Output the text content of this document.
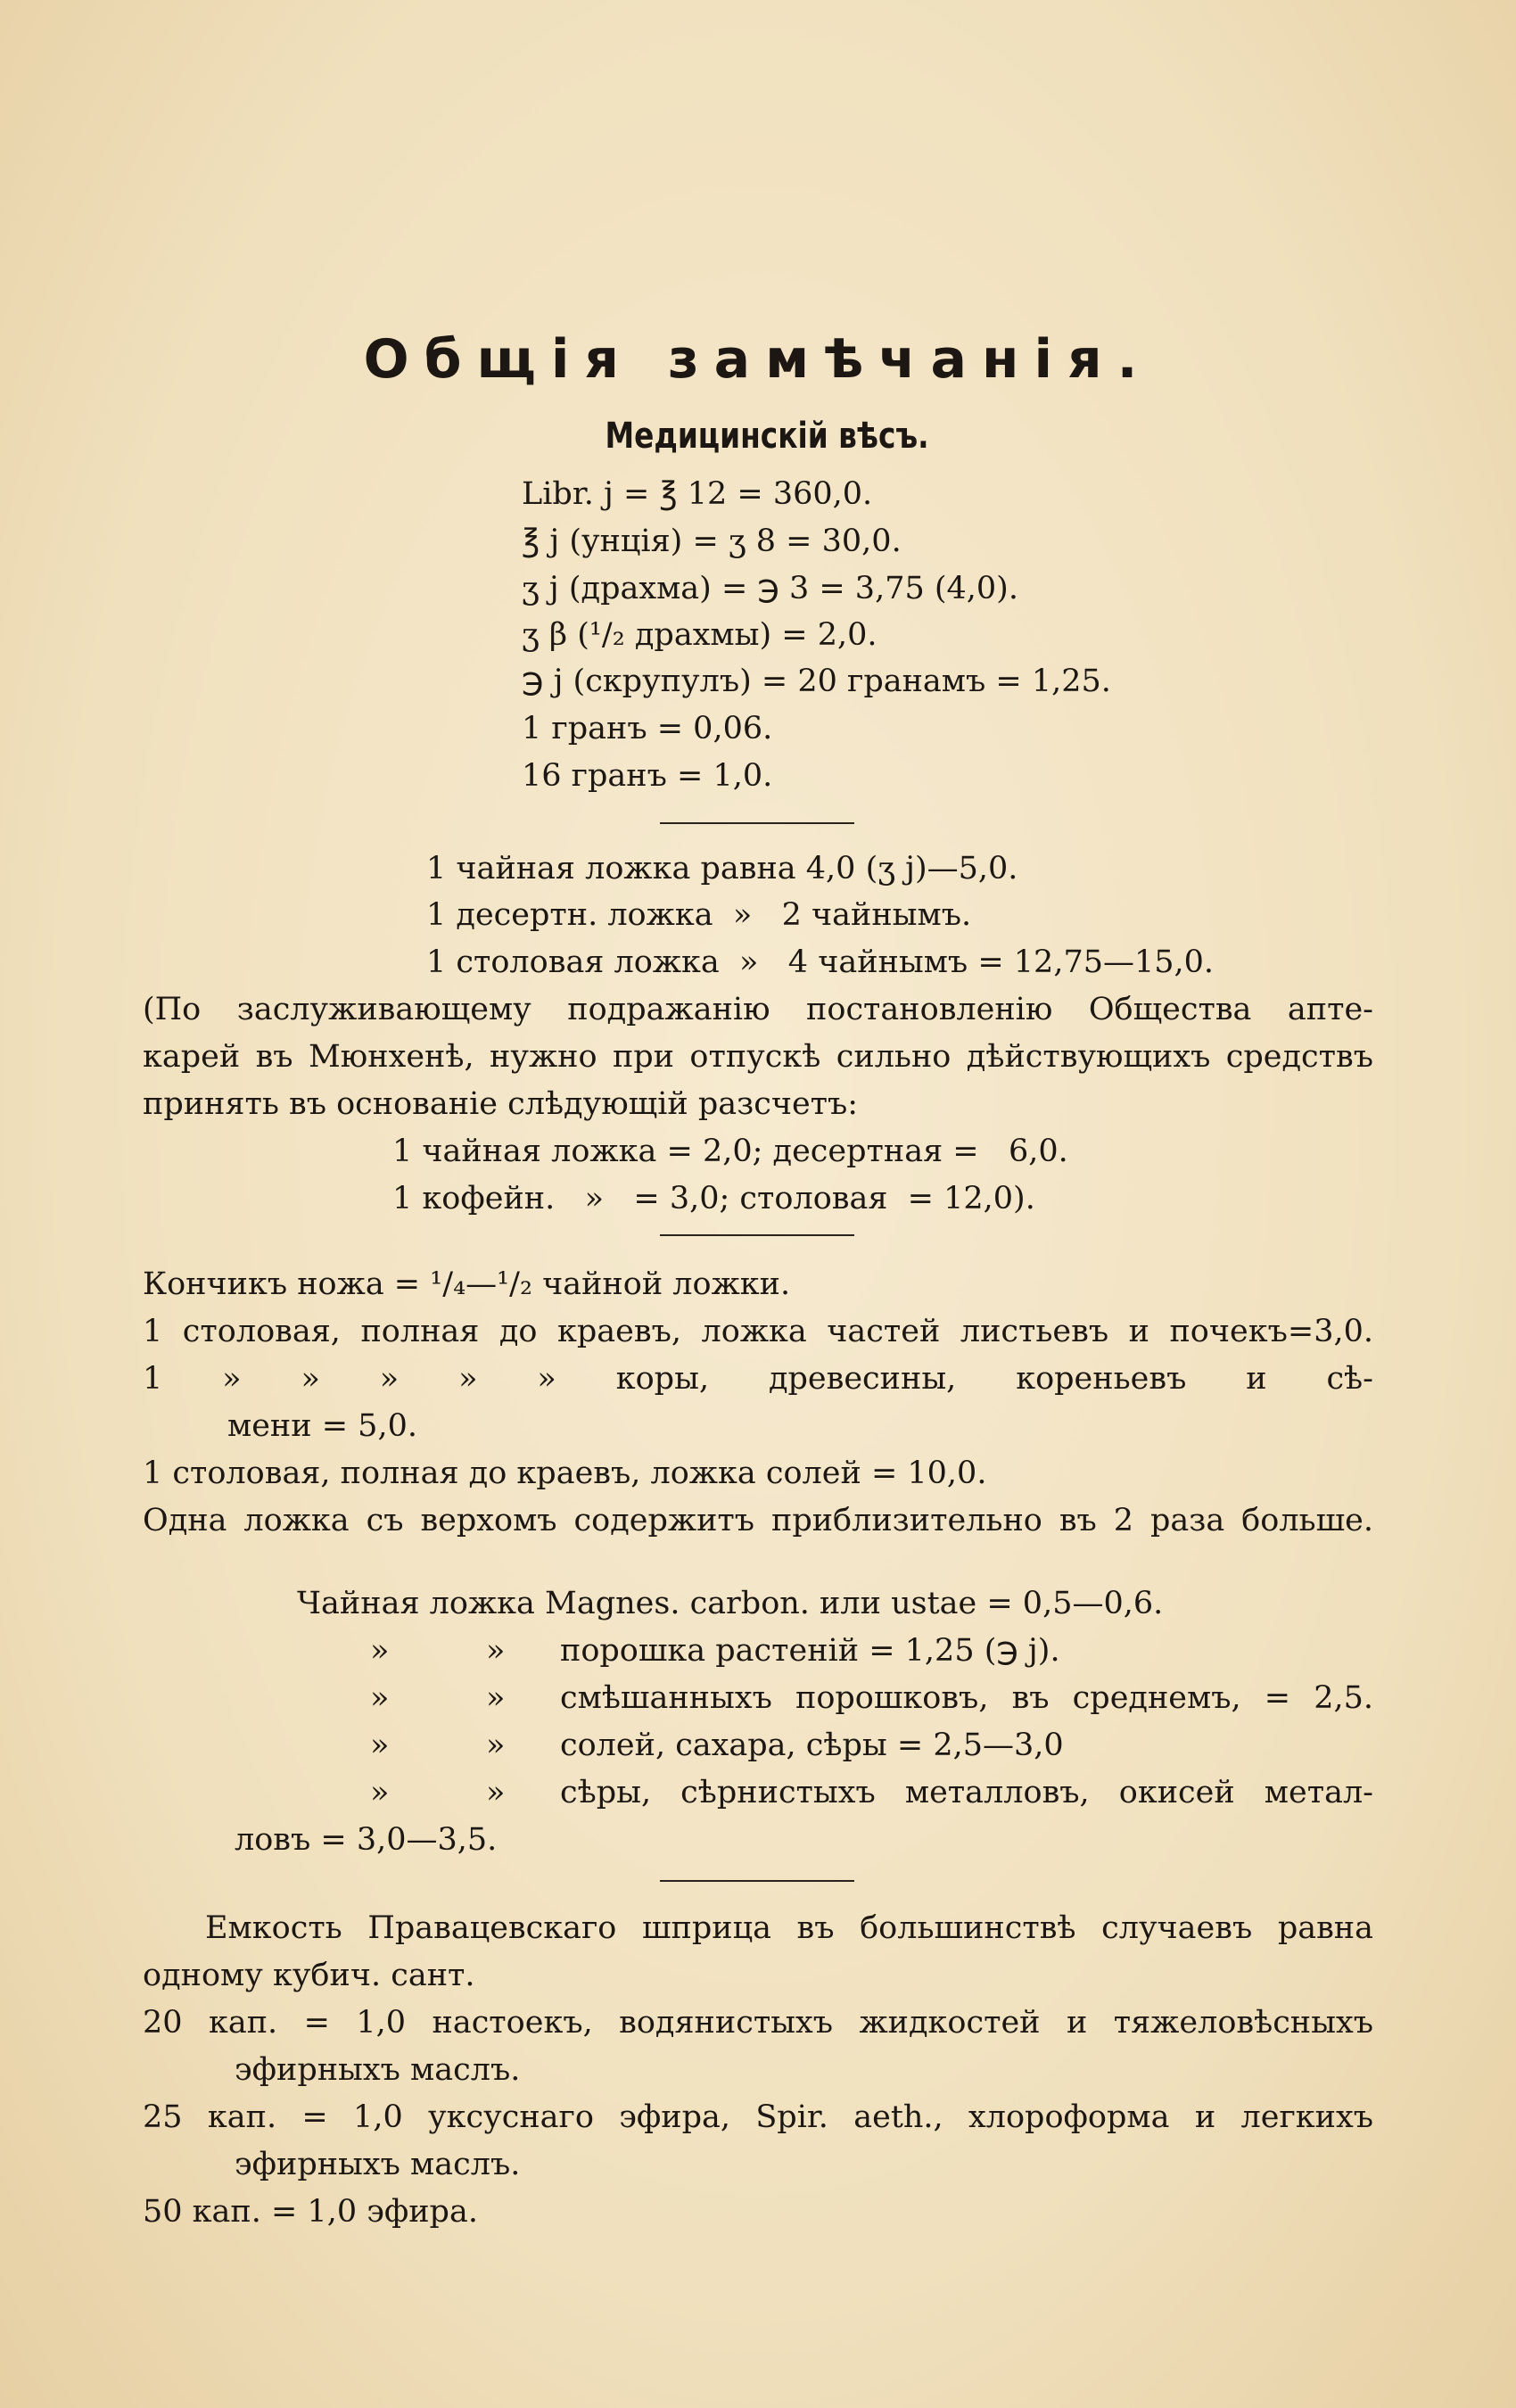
Общія замѣчанія.
Медицинскій вѣсъ.
Libr. j = ℥ 12 = 360,0.
℥ j (унція) = ʒ 8 = 30,0.
ʒ j (драхма) = ℈ 3 = 3,75 (4,0).
ʒ β (¹/₂ драхмы) = 2,0.
℈ j (скрупулъ) = 20 гранамъ = 1,25.
1 гранъ = 0,06.
16 гранъ = 1,0.
1 чайная ложка равна 4,0 (ʒ j)—5,0.
1 десертн. ложка  »   2 чайнымъ.
1 столовая ложка  »   4 чайнымъ = 12,75—15,0.
(По заслуживающему подражанію постановленію Общества апте-
карей въ Мюнхенѣ, нужно при отпускѣ сильно дѣйствующихъ средствъ
принять въ основаніе слѣдующій разсчетъ:
1 чайная ложка = 2,0; десертная =   6,0.
1 кофейн.   »   = 3,0; столовая  = 12,0).
Кончикъ ножа = ¹/₄—¹/₂ чайной ложки.
1 столовая, полная до краевъ, ложка частей листьевъ и почекъ=3,0.
1 » » » » » коры, древесины, кореньевъ и сѣ-
мени = 5,0.
1 столовая, полная до краевъ, ложка солей = 10,0.
Одна ложка съ верхомъ содержитъ приблизительно въ 2 раза больше.
Чайная ложка Magnes. carbon. или ustae = 0,5—0,6.
»	» порошка растеній = 1,25 (℈ j).
»	» смѣшанныхъ порошковъ, въ среднемъ, = 2,5.
»	» солей, сахара, сѣры = 2,5—3,0
»	» сѣры, сѣрнистыхъ металловъ, окисей метал-
ловъ = 3,0—3,5.
Емкость Правацевскаго шприца въ большинствѣ случаевъ равна
одному кубич. сант.
20 кап. = 1,0 настоекъ, водянистыхъ жидкостей и тяжеловѣсныхъ
эфирныхъ маслъ.
25 кап. = 1,0 уксуснаго эфира, Spir. aeth., хлороформа и легкихъ
эфирныхъ маслъ.
50 кап. = 1,0 эфира.
